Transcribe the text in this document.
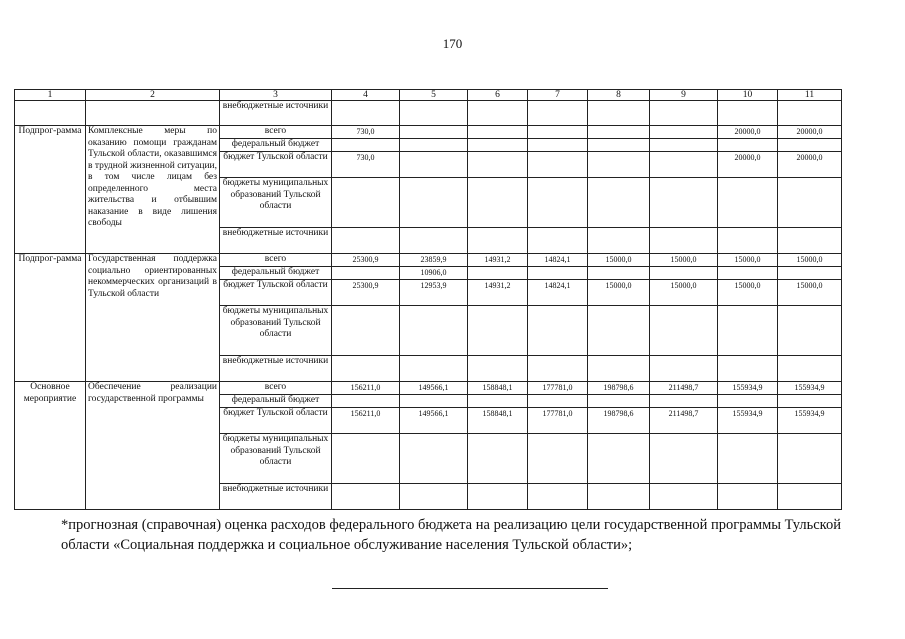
170
1	2	3	4	5	6	7	8	9	10	11
		внебюджетные источники								
Подпрог-рамма	Комплексные меры по оказанию помощи гражданам Тульской области, оказавшимся в трудной жизненной ситуации, в том числе лицам без определенного места жительства и отбывшим наказание в виде лишения свободы	всего	730,0						20000,0	20000,0
		федеральный бюджет								
		бюджет Тульской области	730,0						20000,0	20000,0
		бюджеты муниципальных образований Тульской области								
		внебюджетные источники								
Подпрог-рамма	Государственная поддержка социально ориентированных некоммерческих организаций в Тульской области	всего	25300,9	23859,9	14931,2	14824,1	15000,0	15000,0	15000,0	15000,0
		федеральный бюджет		10906,0						
		бюджет Тульской области	25300,9	12953,9	14931,2	14824,1	15000,0	15000,0	15000,0	15000,0
		бюджеты муниципальных образований Тульской области								
		внебюджетные источники								
Основное мероприятие	Обеспечение реализации государственной программы	всего	156211,0	149566,1	158848,1	177781,0	198798,6	211498,7	155934,9	155934,9
		федеральный бюджет								
		бюджет Тульской области	156211,0	149566,1	158848,1	177781,0	198798,6	211498,7	155934,9	155934,9
		бюджеты муниципальных образований Тульской области								
		внебюджетные источники								
*прогнозная (справочная) оценка расходов федерального бюджета на реализацию цели государственной программы Тульской области «Социальная поддержка и социальное обслуживание населения Тульской области»;
